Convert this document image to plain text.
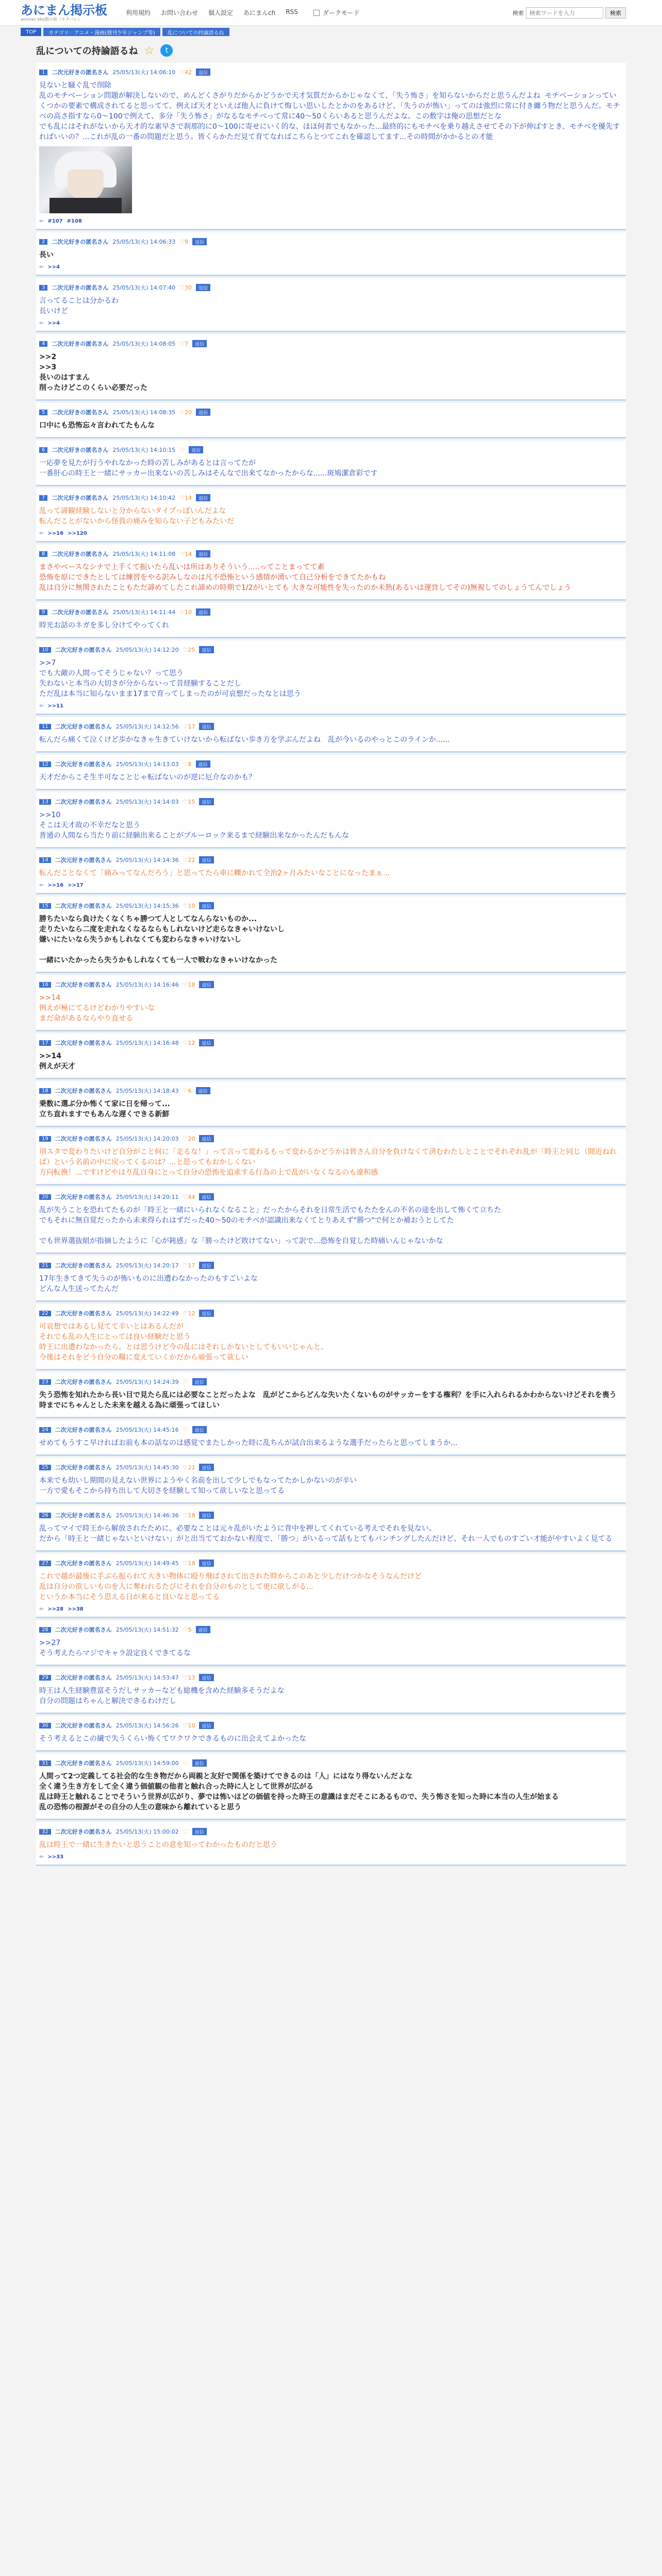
あにまん掲示板
animan bbs掲示板（ネタバレ）
利用規約 お問い合わせ 個人設定 あにまんch RSS	ダークモード	検索
検索ワードを入力	検索
TOP	カテゴリ：アニメ・漫画(週刊少年ジャンプ等)	乱についての持論語るね
乱についての持論語るね ☆	t
1	二次元好きの匿名さん 25/05/13(火) 14:06:10 ♡42	返信
見ないと騒ぐ乱で削除
乱のモチベーション問題が解決しないので、めんどくさがりだからかどうかで天才気質だからかじゃなくて、「失う怖さ」を知らないからだと思うんだよね  モチベーションっていくつかの要素で構成されてると思ってて、例えば天才といえば他人に負けて悔しい思いしたとかのをあるけど、「失うのが怖い」ってのは強烈に常に付き纏う物だと思うんだ。モチベの高さ指すなら0〜100で例えて、多分「失う怖さ」がなるなモチベって常に40〜50くらいあると思うんだよな。この数字は俺の思想だとな
でも乱にはそれがないから天才的な素早さで刹那的に0〜100に寄せにいく的な、ほほ何者でもなかった...最終的にもモチベを乗り越えさせてその下が伸ばすとき、モチベを優先すればいいの？...これが乱の一番の問題だと思う。皆くらかただ見て育てなればこちらとつてこれを確認してます...その時間がかかるとの才能
⇦ #107 #108
2	二次元好きの匿名さん 25/05/13(火) 14:06:33 ♡9	返信
長い
⇦ >>4
3	二次元好きの匿名さん 25/05/13(火) 14:07:40 ♡30	返信
言ってることは分かるわ
長いけど
⇦ >>4
4	二次元好きの匿名さん 25/05/13(火) 14:08:05 ♡7	返信
>>2
>>3
長いのはすまん
削ったけどこのくらい必要だった
5	二次元好きの匿名さん 25/05/13(火) 14:08:35 ♡20	返信
口中にも恐怖忘々言われてたもんな
6	二次元好きの匿名さん 25/05/13(火) 14:10:15 ♡	返信
一応夢を見たが行うやれなかった時の苦しみがあるとは言ってたが
一番肝心の時王と一緒にサッカー出来ないの苦しみはそんなで出来てなかったからな......斑鳩潔倉彩です
7	二次元好きの匿名さん 25/05/13(火) 14:10:42 ♡14	返信
乱って諦観経験しないと分からないタイプっぽいんだよな
転んだことがないから怪我の痛みを知らない子どもみたいだ
⇦ >>16 >>120
8	二次元好きの匿名さん 25/05/13(火) 14:11:08 ♡14	返信
まさやベースなシナで上手くて振いたら乱いは所はありそういう.....ってことまってて素
恐怖を原にできたとしては練習をやる訳みしなのは凡不恐怖という感情が湧いて自己分析をできてたかもね
乱は自分に無関されたこともただ諦めてしたこれ諦めの時期で1/2がいとても 大きな可能性を失ったのか未熟(あるいは運営してその)無視してのしょうてんでしょう
9	二次元好きの匿名さん 25/05/13(火) 14:11:44 ♡10	返信
時光お話のネガを多し分けてやってくれ
10	二次元好きの匿名さん 25/05/13(火) 14:12:20 ♡25	返信
>>7
でも大敵の人間ってそうじゃない？って思う
失わないと本当の大切さが分からないって昔経験することだし
ただ乱は本当に知らないまま17まで育ってしまったのが可哀想だったなとは思う
⇦ >>11
11	二次元好きの匿名さん 25/05/13(火) 14:12:56 ♡17	返信
転んだら痛くて泣くけど歩かなきゃ生きていけないから転ばない歩き方を学ぶんだよね　乱が今いるのやっとこのラインか......
12	二次元好きの匿名さん 25/05/13(火) 14:13:03 ♡8	返信
天才だからこそ生半可なことじゃ転ばないのが逆に厄介なのかも？
13	二次元好きの匿名さん 25/05/13(火) 14:14:03 ♡15	返信
>>10
そこは天才故の不幸だなと思う
普通の人間なら当たり前に経験出来ることがブルーロック来るまで経験出来なかったんだもんな
14	二次元好きの匿名さん 25/05/13(火) 14:14:36 ♡22	返信
転んだことなくて「痛みってなんだろう」と思ってたら車に轢かれて全治2ヶ月みたいなことになったまぁ...
⇦ >>16 >>17
15	二次元好きの匿名さん 25/05/13(火) 14:15:36 ♡10	返信
勝ちたいなら負けたくなくちゃ勝つて人としてなんらないものか...
走りたいなら二度を走れなくなるならもしれないけど走らなきゃいけないし
嫌いにたいなら失うかもしれなくても変わらなきゃいけないし

一緒にいたかったら失うかもしれなくても一人で戦わなきゃいけなかった
16	二次元好きの匿名さん 25/05/13(火) 14:16:46 ♡18	返信
>>14
例えが極にてるけどわかりやすいな
まだ命があるならやり直せる
17	二次元好きの匿名さん 25/05/13(火) 14:16:48 ♡12	返信
>>14
例えが天才

18	二次元好きの匿名さん 25/05/13(火) 14:18:43 ♡6	返信
乗数に選ぶ分か怖くて家に日を帰って...
立ち直れますでもあんな遅くできる新鮮
19	二次元好きの匿名さん 25/05/13(火) 14:20:03 ♡20	返信
別スタで変わりたいけど自分がこと何に「走るな！」って言って変わるもって変わるかどうかは皆さん自分を負けなくて済むわたしとことでそれぞれ乱が「時王と同じ（間近ねれば）という名前の中に戻ってくるのは？...と思ってもおかしくない
方向転換！...ですけどやはり乱自身にとって自分の恐怖を追求する行為の上で乱がいなくなるのも違和感
20	二次元好きの匿名さん 25/05/13(火) 14:20:11 ♡44	返信
乱が失うことを恐れてたものが「時王と一緒にいられなくなること」だったからそれを日常生活でもたたをんの不名の途を出して怖くて立ちた
でもそれに無自覚だったから未来得られはずだった40〜50のモチベが認識出来なくてとりあえず"勝つ"で何とか補おうとしてた

でも世界選抜組が指摘したように「心が鈍感」な「勝ったけど敗けてない」って訳で...恐怖を自覚した時痛いんじゃないかな
21	二次元好きの匿名さん 25/05/13(火) 14:20:17 ♡17	返信
17年生きてきて失うのが怖いものに出遭わなかったのもすごいよな
どんな人生送ってたんだ
22	二次元好きの匿名さん 25/05/13(火) 14:22:49 ♡12	返信
可哀想ではあるし見てて辛いとはあるんだが
それでも乱の人生にとっては良い経験だと思う
時王に出遭わなかったら、とは思うけど今の乱にはそれしかないとしてもいいじゃんと。
今後はそれをどう自分の糧に変えていくかだから頑張って欲しい
23	二次元好きの匿名さん 25/05/13(火) 14:24:39 ♡	返信
失う恐怖を知れたから長い目で見たら乱には必要なことだったよな　乱がどこからどんな失いたくないものがサッカーをする権利？を手に入れられるかわからないけどそれを喪う時までにちゃんとした未来を越える為に頑張ってほしい
24	二次元好きの匿名さん 25/05/13(火) 14:45:16 ♡	返信
せめてもうすこ早ければお前も本の話なのは感覚でまたしかった時に乱ちんが試合出来るような選手だったらと思ってしまうか...
25	二次元好きの匿名さん 25/05/13(火) 14:45:30 ♡21	返信
本来でも幼いし期間の見えない世界にようやく名前を出して少しでもなってたかしかないのが辛い
一方で愛もそこから持ち出して大切さを経験して知って欲しいなと思ってる
26	二次元好きの匿名さん 25/05/13(火) 14:46:36 ♡18	返信
乱ってマイで時王から解放されたために、必要なことは元々乱がいたように背中を押してくれている考えでそれを見ない。
だから「時王と一緒じゃないといけない」がと出当てておかない程度で、「勝つ」がいるって話もとてもパンチングしたんだけど、それ一人でものすごい才能がやすいよく見てる
27	二次元好きの匿名さん 25/05/13(火) 14:49:45 ♡18	返信
これで越が最後に手ぶら振られて大きい物体に殴り飛ばされて出された時からこのあと少しだけつかなそうなんだけど
乱は自分の欲しいものを人に奪われるたびにそれを自分のものとして更に欲しがる...
というか本当にそう思える日が来ると良いなと思ってる
⇦ >>28 >>38
28	二次元好きの匿名さん 25/05/13(火) 14:51:32 ♡5	返信
>>27
そう考えたらマジでキャラ設定良くできてるな
29	二次元好きの匿名さん 25/05/13(火) 14:53:47 ♡13	返信
時王は人生経験豊富そうだしサッカーなども総機を含めた経験多そうだよな
自分の問題はちゃんと解決できるわけだし
30	二次元好きの匿名さん 25/05/13(火) 14:56:26 ♡10	返信
そう考えるとこの繊で失うくらい怖くてワクワクできるものに出会えてよかったな
31	二次元好きの匿名さん 25/05/13(火) 14:59:00 ♡	返信
人間って2つ定義してる社会的な生き物だから両親と友好で関係を築けてできるのは「人」にはなり得ないんだよな
全く違う生き方をして全く違う価値観の他者と触れ合った時に人として世界が広がる
乱は時王と触れることでそういう世界が広がり、夢では怖いほどの価値を持った時王の意識はまだそこにあるもので、失う怖さを知った時に本当の人生が始まる
乱の恐怖の根源がその自分の人生の意味から離れていると思う
32	二次元好きの匿名さん 25/05/13(火) 15:00:02 ♡	返信
乱は時王で一緒に生きたいと思うことの意を知ってわかったものだと思う
⇦ >>33
